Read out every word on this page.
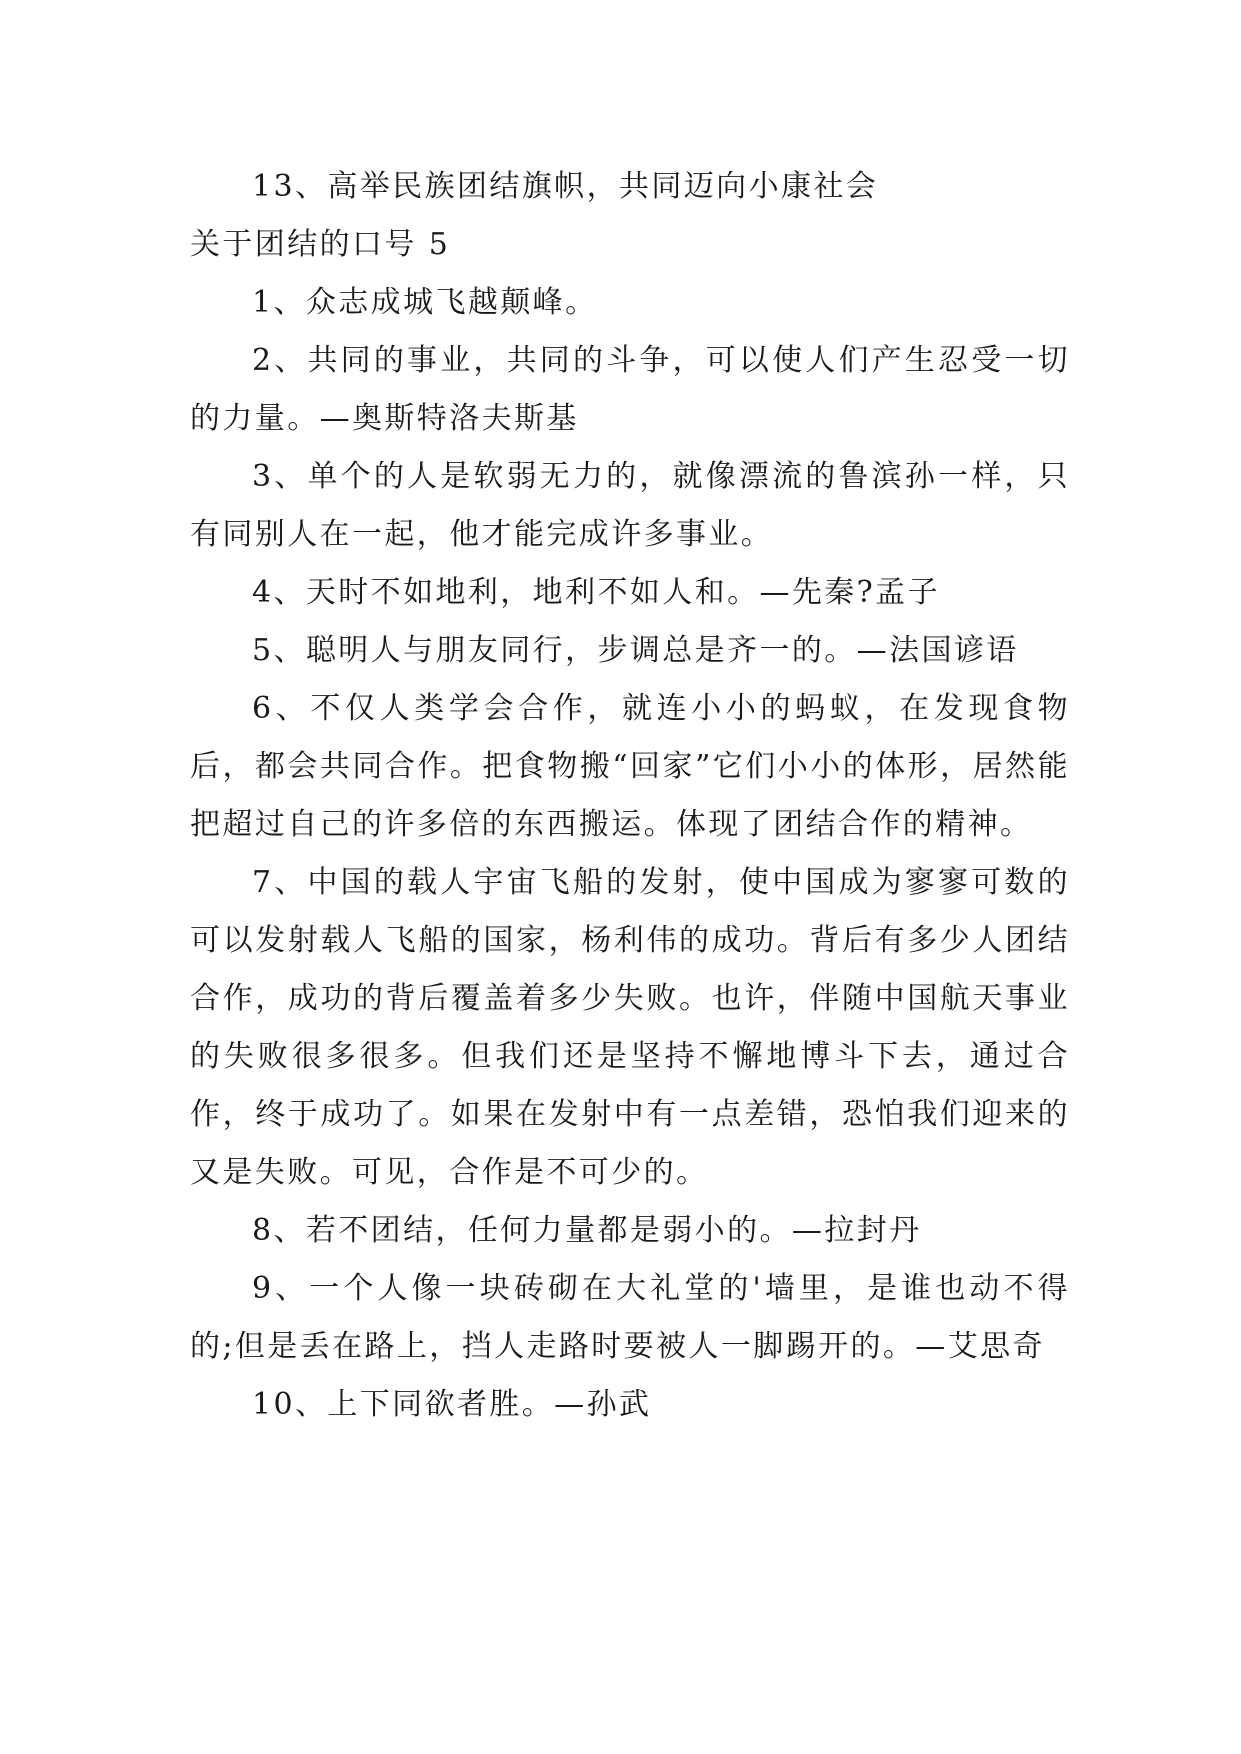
13、高举民族团结旗帜，共同迈向小康社会

关于团结的口号 5

1、众志成城飞越颠峰。

2、共同的事业，共同的斗争，可以使人们产生忍受一切的力量。—奥斯特洛夫斯基

3、单个的人是软弱无力的，就像漂流的鲁滨孙一样，只有同别人在一起，他才能完成许多事业。

4、天时不如地利，地利不如人和。—先秦?孟子

5、聪明人与朋友同行，步调总是齐一的。—法国谚语

6、不仅人类学会合作，就连小小的蚂蚁，在发现食物后，都会共同合作。把食物搬“回家”它们小小的体形，居然能把超过自己的许多倍的东西搬运。体现了团结合作的精神。

7、中国的载人宇宙飞船的发射，使中国成为寥寥可数的可以发射载人飞船的国家，杨利伟的成功。背后有多少人团结合作，成功的背后覆盖着多少失败。也许，伴随中国航天事业的失败很多很多。但我们还是坚持不懈地博斗下去，通过合作，终于成功了。如果在发射中有一点差错，恐怕我们迎来的又是失败。可见，合作是不可少的。

8、若不团结，任何力量都是弱小的。—拉封丹

9、一个人像一块砖砌在大礼堂的'墙里，是谁也动不得的;但是丢在路上，挡人走路时要被人一脚踢开的。—艾思奇

10、上下同欲者胜。—孙武
